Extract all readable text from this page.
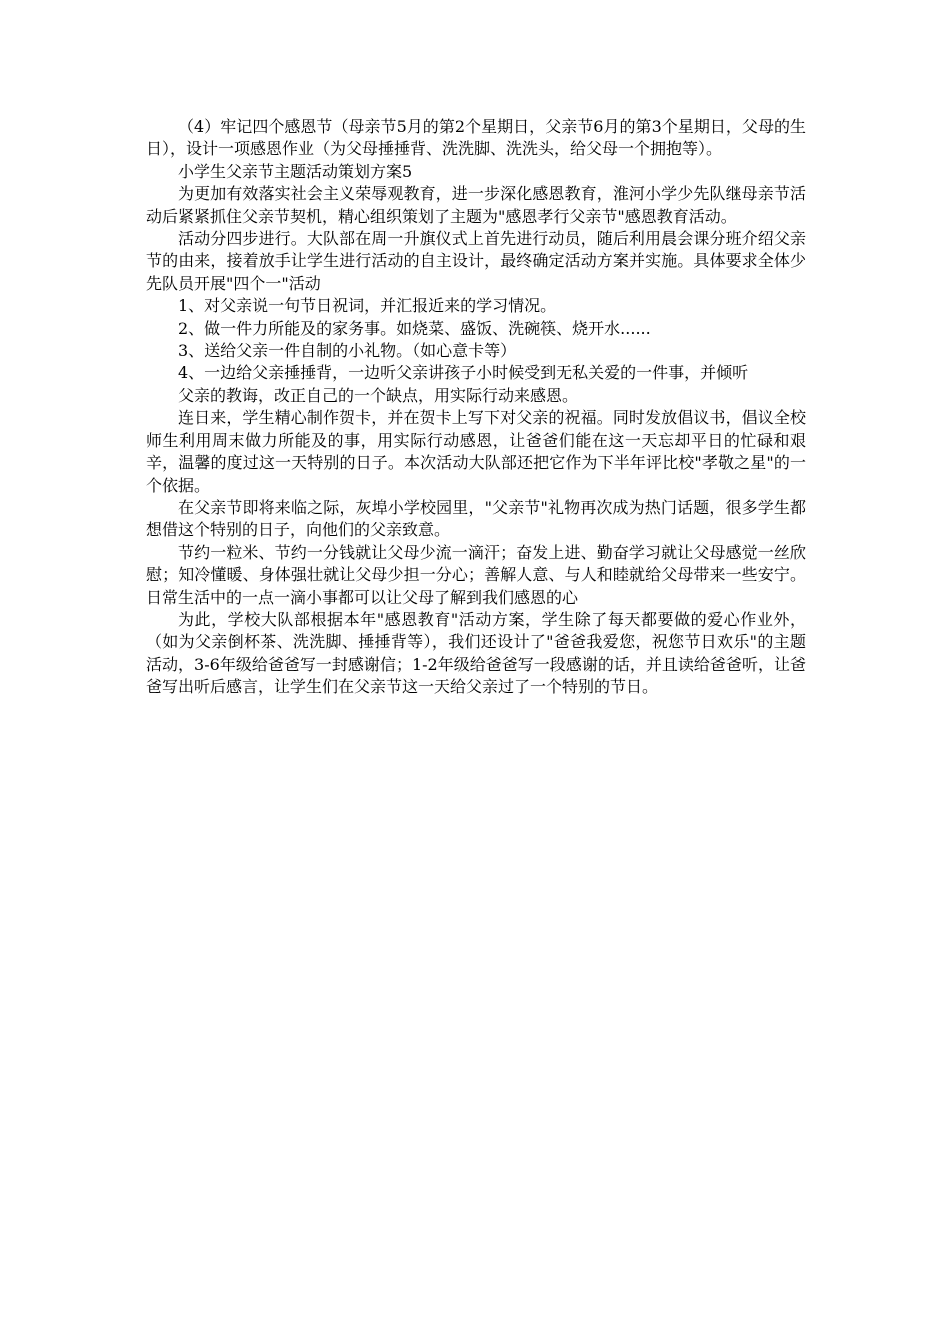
（4）牢记四个感恩节（母亲节5月的第2个星期日，父亲节6月的第3个星期日，父母的生日），设计一项感恩作业（为父母捶捶背、洗洗脚、洗洗头，给父母一个拥抱等）。

小学生父亲节主题活动策划方案5

为更加有效落实社会主义荣辱观教育，进一步深化感恩教育，淮河小学少先队继母亲节活动后紧紧抓住父亲节契机，精心组织策划了主题为"感恩孝行父亲节"感恩教育活动。

活动分四步进行。大队部在周一升旗仪式上首先进行动员，随后利用晨会课分班介绍父亲节的由来，接着放手让学生进行活动的自主设计，最终确定活动方案并实施。具体要求全体少先队员开展"四个一"活动

1、对父亲说一句节日祝词，并汇报近来的学习情况。

2、做一件力所能及的家务事。如烧菜、盛饭、洗碗筷、烧开水......

3、送给父亲一件自制的小礼物。（如心意卡等）

4、一边给父亲捶捶背，一边听父亲讲孩子小时候受到无私关爱的一件事，并倾听

父亲的教诲，改正自己的一个缺点，用实际行动来感恩。

连日来，学生精心制作贺卡，并在贺卡上写下对父亲的祝福。同时发放倡议书，倡议全校师生利用周末做力所能及的事，用实际行动感恩，让爸爸们能在这一天忘却平日的忙碌和艰辛，温馨的度过这一天特别的日子。本次活动大队部还把它作为下半年评比校"孝敬之星"的一个依据。

在父亲节即将来临之际，灰埠小学校园里，"父亲节"礼物再次成为热门话题，很多学生都想借这个特别的日子，向他们的父亲致意。

节约一粒米、节约一分钱就让父母少流一滴汗；奋发上进、勤奋学习就让父母感觉一丝欣慰；知冷懂暖、身体强壮就让父母少担一分心；善解人意、与人和睦就给父母带来一些安宁。日常生活中的一点一滴小事都可以让父母了解到我们感恩的心

为此，学校大队部根据本年"感恩教育"活动方案，学生除了每天都要做的爱心作业外，（如为父亲倒杯茶、洗洗脚、捶捶背等），我们还设计了"爸爸我爱您，祝您节日欢乐"的主题活动，3-6年级给爸爸写一封感谢信；1-2年级给爸爸写一段感谢的话，并且读给爸爸听，让爸爸写出听后感言，让学生们在父亲节这一天给父亲过了一个特别的节日。
